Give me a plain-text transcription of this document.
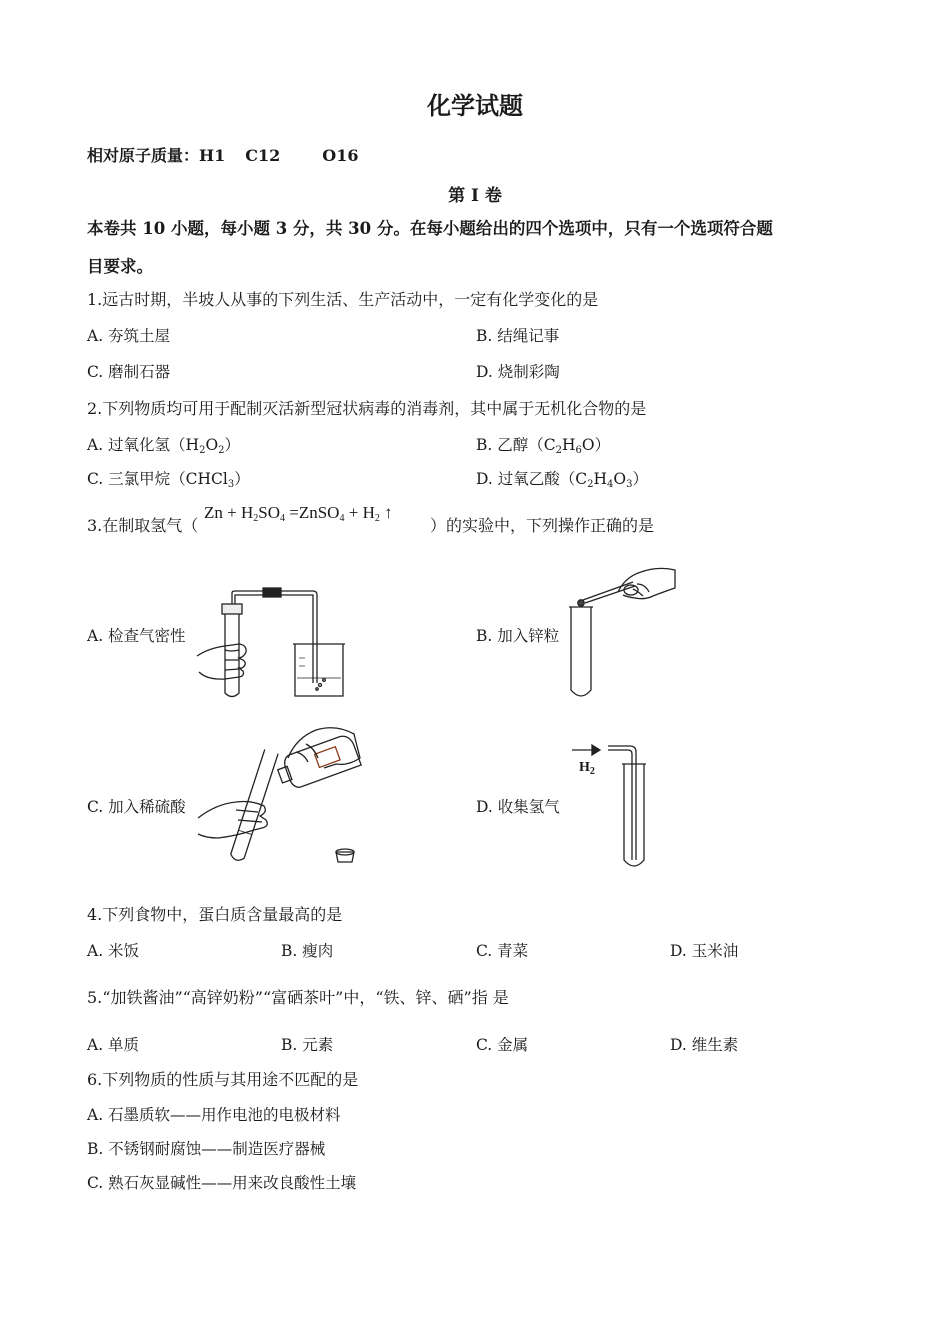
化学试题
相对原子质量：H1 C12	O16
第 I 卷
本卷共 10 小题，每小题 3 分，共 30 分。在每小题给出的四个选项中，只有一个选项符合题
目要求。
1.远古时期，半坡人从事的下列生活、生产活动中，一定有化学变化的是
A. 夯筑土屋	B. 结绳记事
C. 磨制石器	D. 烧制彩陶
2.下列物质均可用于配制灭活新型冠状病毒的消毒剂，其中属于无机化合物的是
A. 过氧化氢$(H_2O_2)$	B. 乙醇$(C_2H_6O)$
C. 三氯甲烷（CHCl$_3$）	D. 过氧乙酸$(C_2H_4O_3)$
3.在制取氢气（
$Zn + H_2SO_4$ =ZnSO$_4$ + $H_2$ ↑
）的实验中，下列操作正确的是
A. 检查气密性	B. 加入锌粒
C. 加入稀硫酸	D. 收集氢气
$H_2$
4.下列食物中，蛋白质含量最高的是
A. 米饭	B. 瘦肉	C. 青菜	D. 玉米油
5.“加铁酱油”“高锌奶粉”“富硒茶叶”中，“铁、锌、硒”指 是
A. 单质	B. 元素	C. 金属	D. 维生素
6.下列物质的性质与其用途不匹配的是
A. 石墨质软——用作电池的电极材料
B. 不锈钢耐腐蚀——制造医疗器械
C. 熟石灰显碱性——用来改良酸性土壤
